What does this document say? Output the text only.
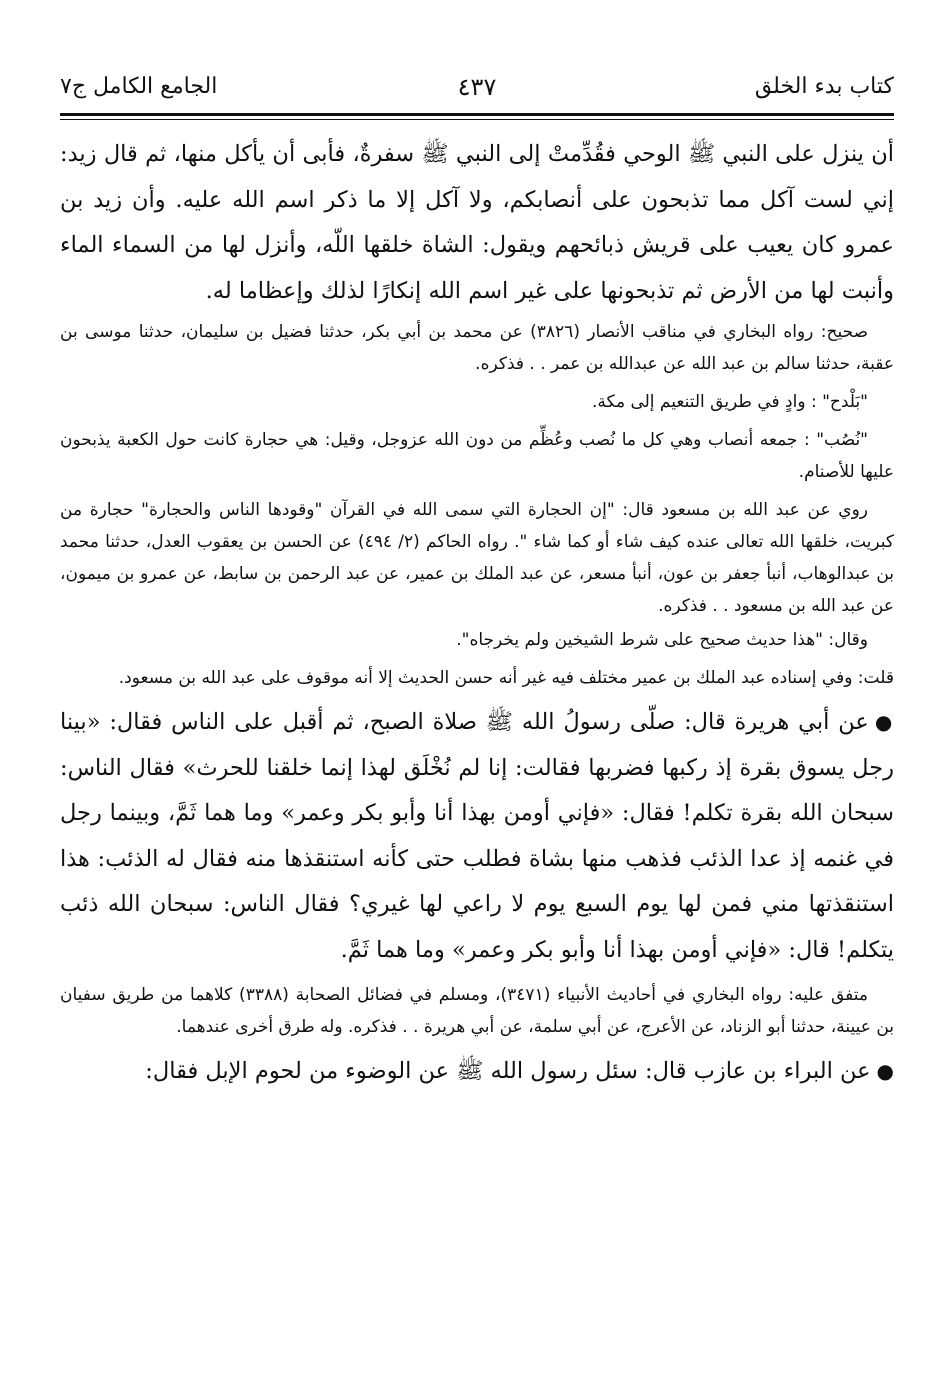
كتاب بدء الخلق
٤٣٧
الجامع الكامل ج٧

أن ينزل على النبي ﷺ الوحي فقُدِّمتْ إلى النبي ﷺ سفرةٌ، فأبى أن يأكل منها، ثم قال زيد: إني لست آكل مما تذبحون على أنصابكم، ولا آكل إلا ما ذكر اسم الله عليه. وأن زيد بن عمرو كان يعيب على قريش ذبائحهم ويقول: الشاة خلقها اللّه، وأنزل لها من السماء الماء وأنبت لها من الأرض ثم تذبحونها على غير اسم الله إنكارًا لذلك وإعظاما له.

صحيح: رواه البخاري في مناقب الأنصار (٣٨٢٦) عن محمد بن أبي بكر، حدثنا فضيل بن سليمان، حدثنا موسى بن عقبة، حدثنا سالم بن عبد الله عن عبدالله بن عمر . . فذكره.

"بَلْدح" : وادٍ في طريق التنعيم إلى مكة.

"نُصُب" : جمعه أنصاب وهي كل ما نُصب وعُظِّم من دون الله عزوجل، وقيل: هي حجارة كانت حول الكعبة يذبحون عليها للأصنام.

روي عن عبد الله بن مسعود قال: "إن الحجارة التي سمى الله في القرآن "وقودها الناس والحجارة" حجارة من كبريت، خلقها الله تعالى عنده كيف شاء أو كما شاء ". رواه الحاكم (٢/ ٤٩٤) عن الحسن بن يعقوب العدل، حدثنا محمد بن عبدالوهاب، أنبأ جعفر بن عون، أنبأ مسعر، عن عبد الملك بن عمير، عن عبد الرحمن بن سابط، عن عمرو بن ميمون، عن عبد الله بن مسعود . . فذكره.

وقال: "هذا حديث صحيح على شرط الشيخين ولم يخرجاه".

قلت: وفي إسناده عبد الملك بن عمير مختلف فيه غير أنه حسن الحديث إلا أنه موقوف على عبد الله بن مسعود.

●عن أبي هريرة قال: صلّى رسولُ الله ﷺ صلاة الصبح، ثم أقبل على الناس فقال: «بينا رجل يسوق بقرة إذ ركبها فضربها فقالت: إنا لم نُخْلَق لهذا إنما خلقنا للحرث» فقال الناس: سبحان الله بقرة تكلم! فقال: «فإني أومن بهذا أنا وأبو بكر وعمر» وما هما ثَمَّ، وبينما رجل في غنمه إذ عدا الذئب فذهب منها بشاة فطلب حتى كأنه استنقذها منه فقال له الذئب: هذا استنقذتها مني فمن لها يوم السبع يوم لا راعي لها غيري؟ فقال الناس: سبحان الله ذئب يتكلم! قال: «فإني أومن بهذا أنا وأبو بكر وعمر» وما هما ثَمَّ.

متفق عليه: رواه البخاري في أحاديث الأنبياء (٣٤٧١)، ومسلم في فضائل الصحابة (٣٣٨٨) كلاهما من طريق سفيان بن عيينة، حدثنا أبو الزناد، عن الأعرج، عن أبي سلمة، عن أبي هريرة . . فذكره. وله طرق أخرى عندهما.

●عن البراء بن عازب قال: سئل رسول الله ﷺ عن الوضوء من لحوم الإبل فقال:
